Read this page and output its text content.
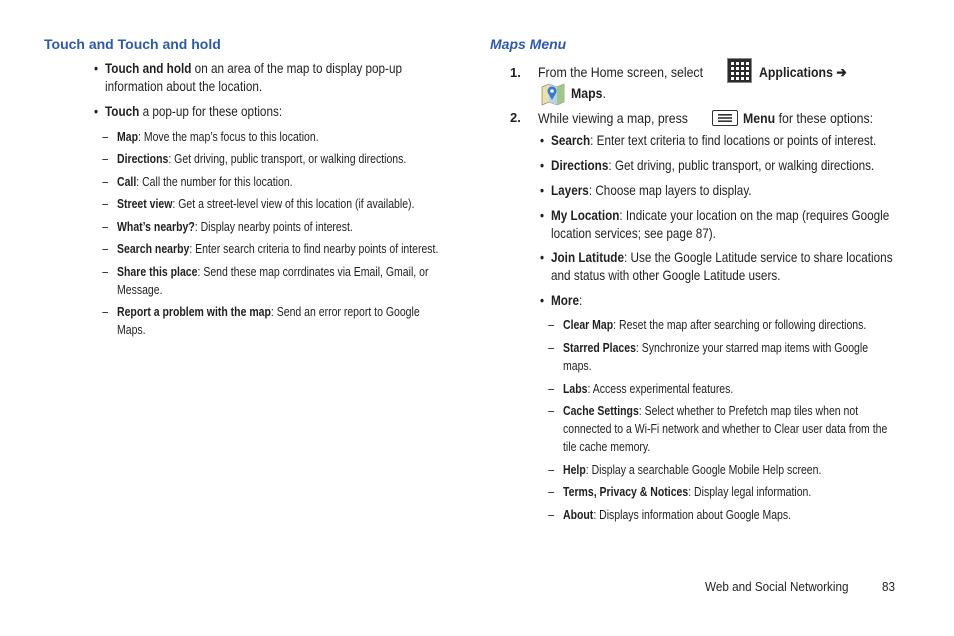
Touch and Touch and hold
• Touch and hold on an area of the map to display pop-up
information about the location.
• Touch a pop-up for these options:
– Map: Move the map’s focus to this location.
– Directions: Get driving, public transport, or walking directions.
– Call: Call the number for this location.
– Street view: Get a street-level view of this location (if available).
– What’s nearby?: Display nearby points of interest.
– Search nearby: Enter search criteria to find nearby points of interest.
– Share this place: Send these map corrdinates via Email, Gmail, or
Message.
– Report a problem with the map: Send an error report to Google
Maps.
Maps Menu
1. From the Home screen, select	Applications ➔
Maps.
2. While viewing a map, press	Menu for these options:
• Search: Enter text criteria to find locations or points of interest.
• Directions: Get driving, public transport, or walking directions.
• Layers: Choose map layers to display.
• My Location: Indicate your location on the map (requires Google
location services; see page 87).
• Join Latitude: Use the Google Latitude service to share locations
and status with other Google Latitude users.
• More:
– Clear Map: Reset the map after searching or following directions.
– Starred Places: Synchronize your starred map items with Google
maps.
– Labs: Access experimental features.
– Cache Settings: Select whether to Prefetch map tiles when not
connected to a Wi-Fi network and whether to Clear user data from the
tile cache memory.
– Help: Display a searchable Google Mobile Help screen.
– Terms, Privacy & Notices: Display legal information.
– About: Displays information about Google Maps.
Web and Social Networking	83
